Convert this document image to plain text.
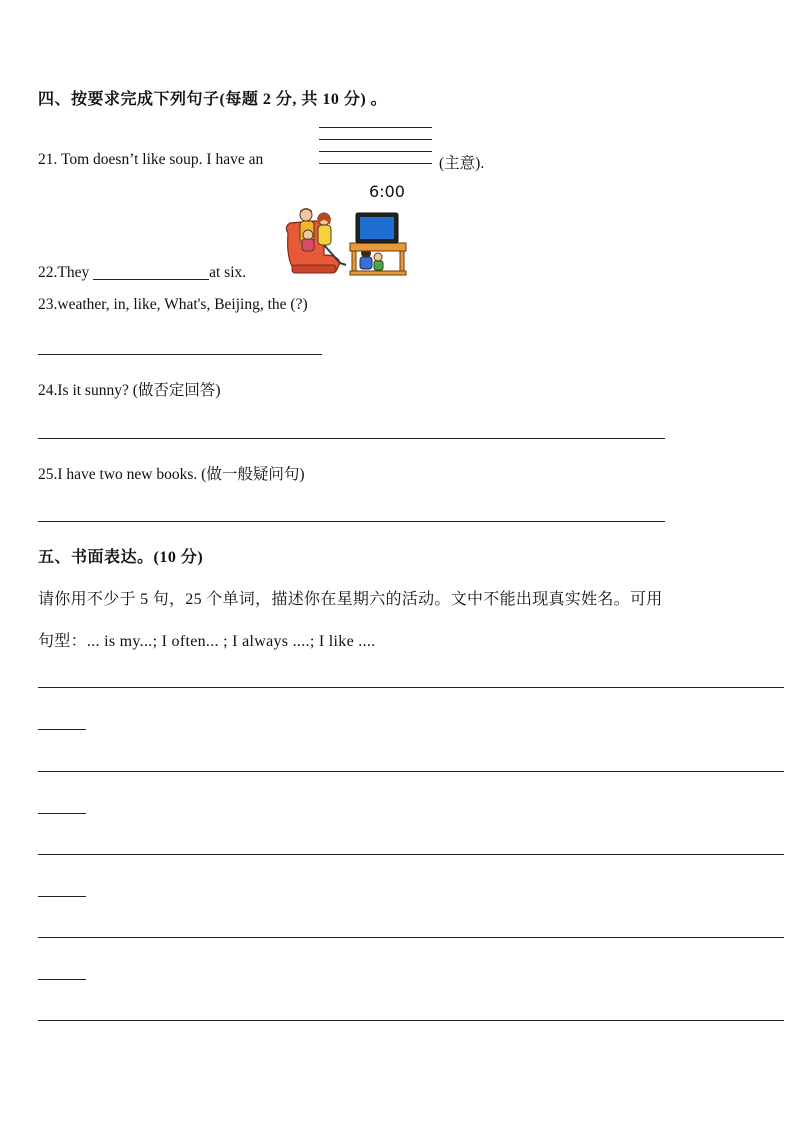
四、按要求完成下列句子(每题 2 分, 共 10 分) 。
21. Tom doesn’t like soup. I have an	(主意).
6:00
22.They	at six.
23.weather, in, like, What's, Beijing, the (?)
24.Is it sunny? (做否定回答)
25.I have two new books. (做一般疑问句)
五、书面表达。(10 分)
请你用不少于 5 句，25 个单词，描述你在星期六的活动。文中不能出现真实姓名。可用
句型：... is my...; I often... ; I always ....; I like ....
